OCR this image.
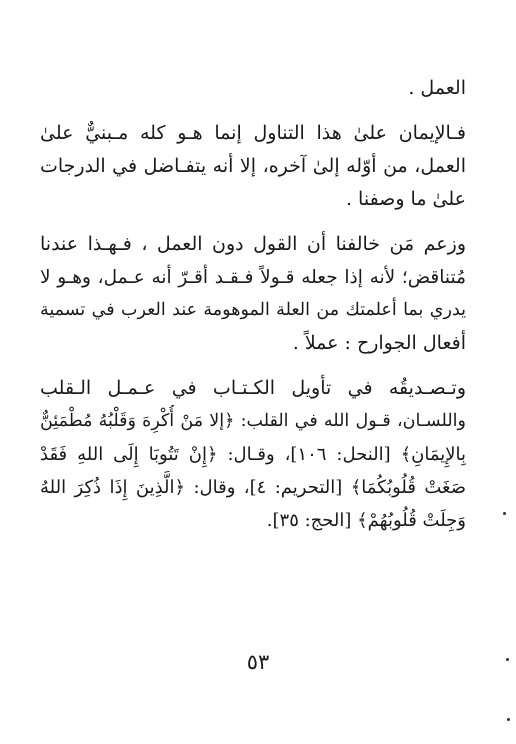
العمل .
فـالإيمان علىٰ هذا التناول إنما هـو كله مـبنيٌّ علىٰ
العمل، من أوّله إلىٰ آخره، إلا أنه يتفـاضل في الدرجات
علىٰ ما وصفنا .
وزعم مَن خالفنا أن القول دون العمل ، فـهـذا عندنا
مُتناقض؛ لأنه إذا جعله قـولاً فـقـد أقـرّ أنه عـمل، وهـو لا
يدري بما أعلمتك من العلة الموهومة عند العرب في تسمية
أفعال الجوارح : عملاً .
وتـصـديقُه في تأويل الكـتـاب في عـمـل الـقلب
واللسـان، قـول الله في القلب: ﴿إلا مَنْ أُكْرِهَ وَقَلْبُهُ مُطْمَئِنٌّ
بِالإِيمَانِ﴾ [النحل: ١٠٦]، وقـال: ﴿إِنْ تَتُوبَا إِلَى اللهِ فَقَدْ
صَغَتْ قُلُوبُكُمَا﴾ [التحريم: ٤]، وقال: ﴿الَّذِينَ إِذَا ذُكِرَ اللهُ
وَجِلَتْ قُلُوبُهُمْ﴾ [الحج: ٣٥].
٥٣
